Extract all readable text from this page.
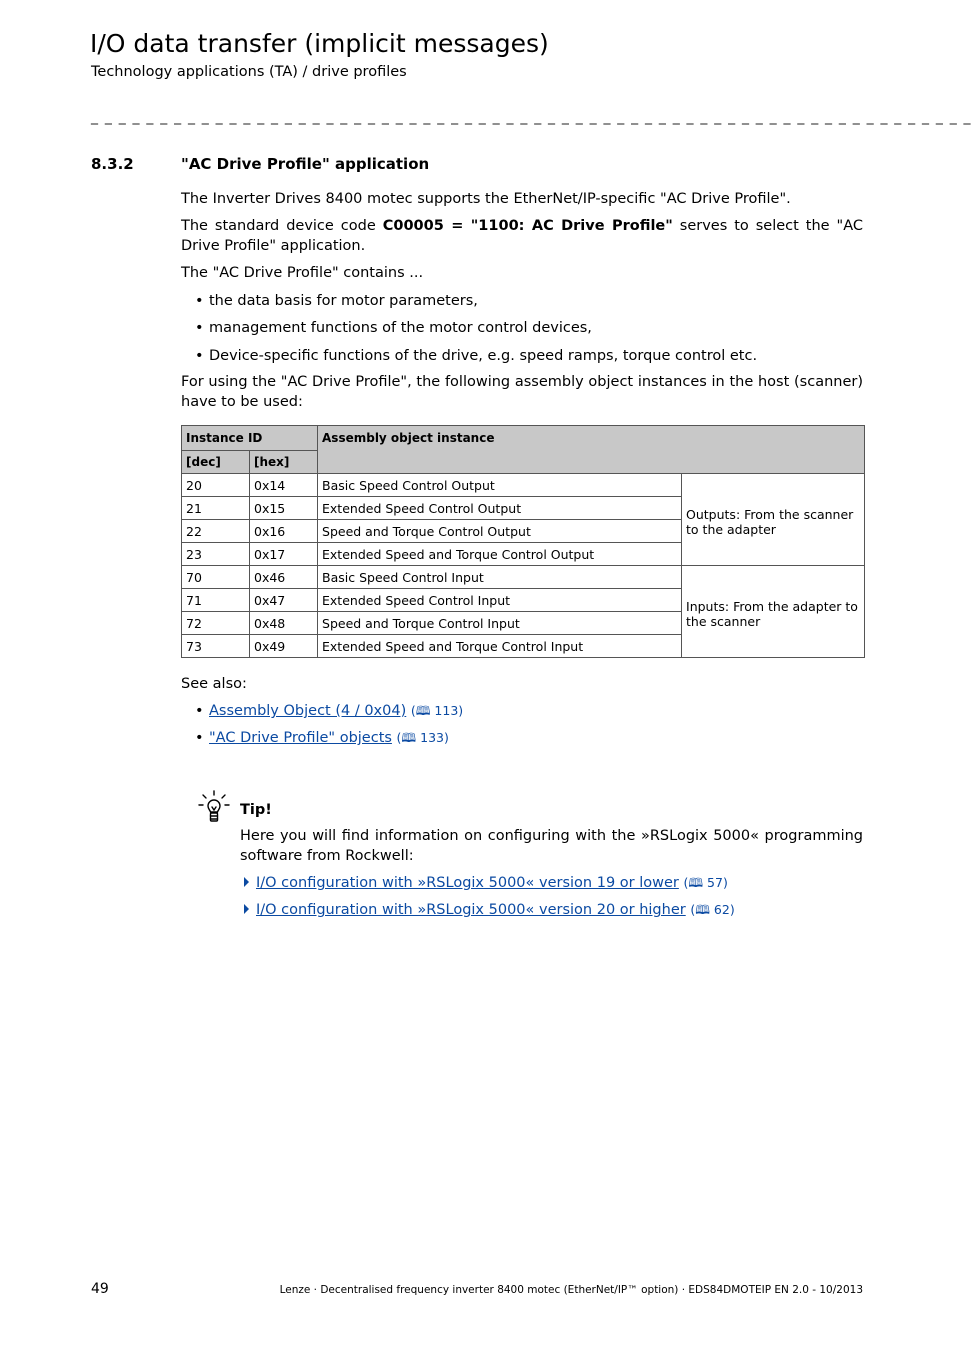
I/O data transfer (implicit messages)
Technology applications (TA) / drive profiles
_ _ _ _ _ _ _ _ _ _ _ _ _ _ _ _ _ _ _ _ _ _ _ _ _ _ _ _ _ _ _ _ _ _ _ _ _ _ _ _ _ _ _ _ _ _ _ _ _ _ _ _ _ _ _ _ _ _ _ _ _ _ _ _
8.3.2	"AC Drive Profile" application
The Inverter Drives 8400 motec supports the EtherNet/IP-specific "AC Drive Profile".
The standard device code C00005 = "1100: AC Drive Profile" serves to select the "AC Drive Profile" application.
The "AC Drive Profile" contains ...
• the data basis for motor parameters,
• management functions of the motor control devices,
• Device-specific functions of the drive, e.g. speed ramps, torque control etc.
For using the "AC Drive Profile", the following assembly object instances in the host (scanner) have to be used:
Instance ID		Assembly object instance	
[dec]	[hex]		
20	0x14	Basic Speed Control Output	Outputs: From the scanner to the adapter
21	0x15	Extended Speed Control Output	
22	0x16	Speed and Torque Control Output	
23	0x17	Extended Speed and Torque Control Output	
70	0x46	Basic Speed Control Input	Inputs: From the adapter to the scanner
71	0x47	Extended Speed Control Input	
72	0x48	Speed and Torque Control Input	
73	0x49	Extended Speed and Torque Control Input	
See also:
• Assembly Object (4 / 0x04) (🕮 113)
• "AC Drive Profile" objects (🕮 133)
Tip!
Here you will find information on configuring with the »RSLogix 5000« programming software from Rockwell:
I/O configuration with »RSLogix 5000« version 19 or lower (🕮 57)
I/O configuration with »RSLogix 5000« version 20 or higher (🕮 62)
49	Lenze · Decentralised frequency inverter 8400 motec (EtherNet/IP™ option) · EDS84DMOTEIP EN 2.0 - 10/2013
